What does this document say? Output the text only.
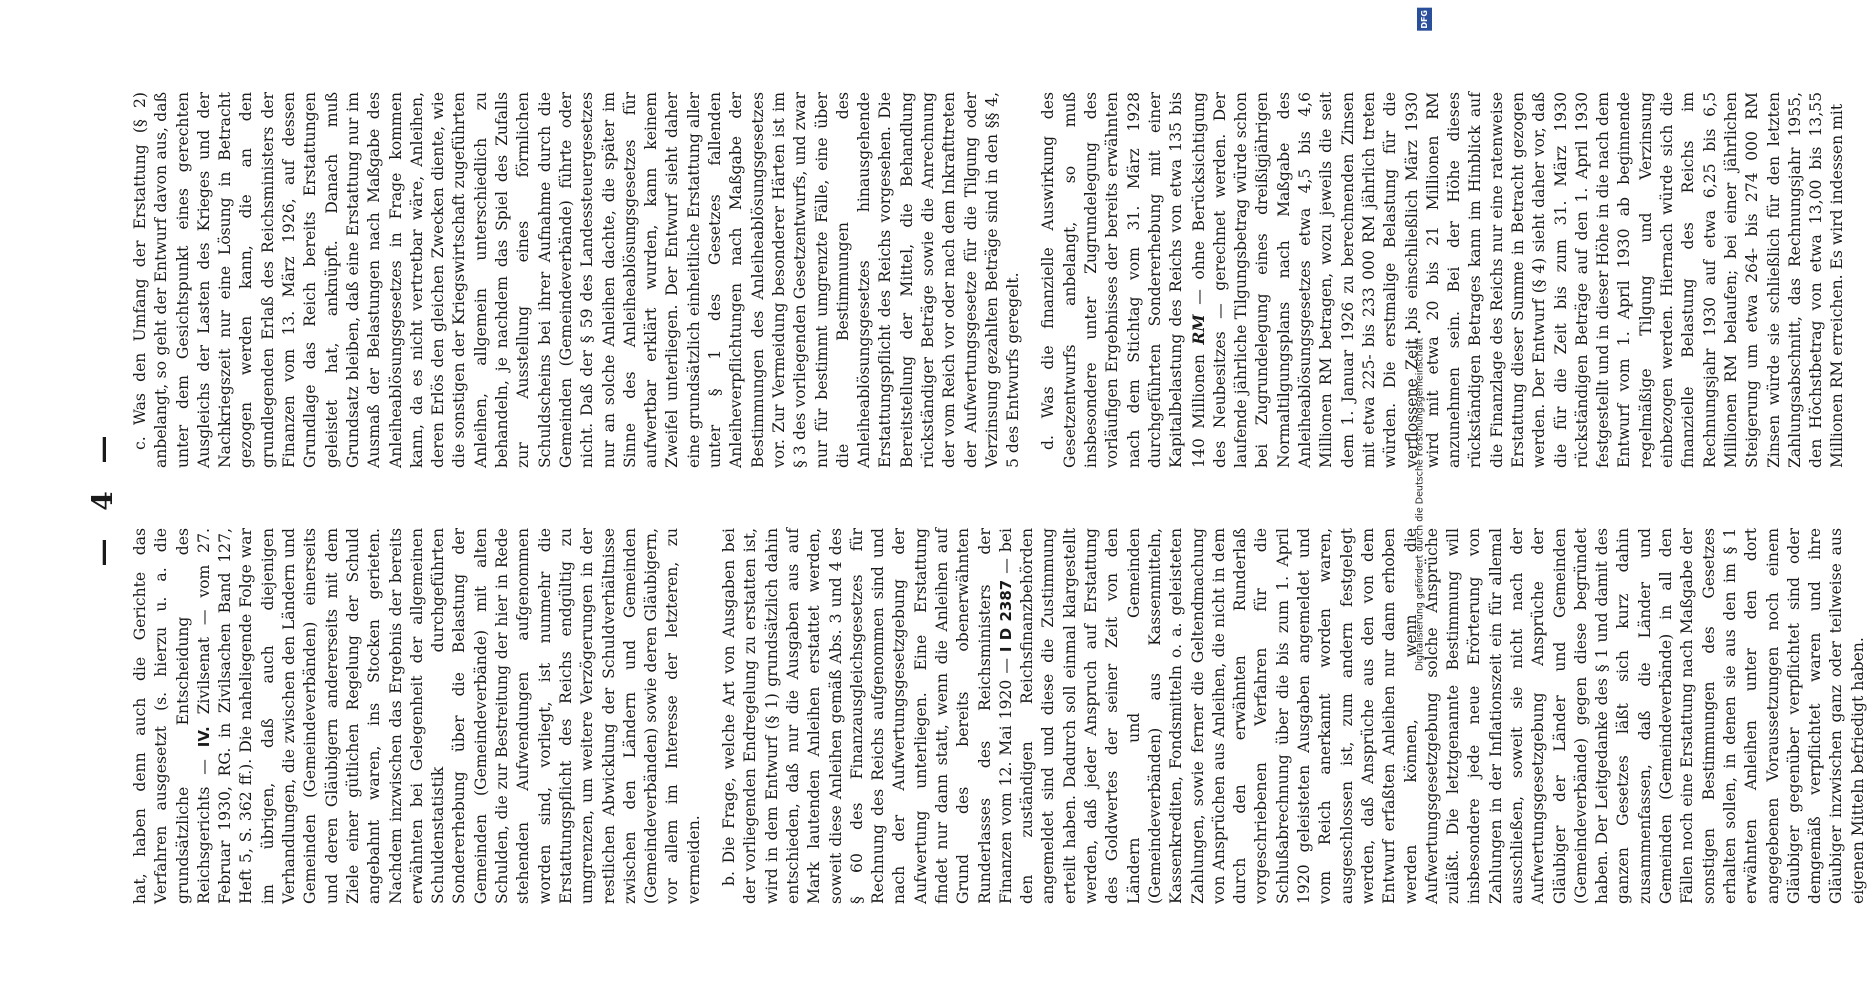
— 4 —

hat, haben denn auch die Gerichte das Verfahren ausgesetzt (s. hierzu u. a. die grundsätzliche Entscheidung des Reichsgerichts — IV. Zivilsenat — vom 27. Februar 1930, RG. in Zivilsachen Band 127, Heft 5, S. 362 ff.). Die naheliegende Folge war im übrigen, daß auch diejenigen Verhandlungen, die zwischen den Ländern und Gemeinden (Gemeindeverbänden) einerseits und deren Gläubigern andererseits mit dem Ziele einer gütlichen Regelung der Schuld angebahnt waren, ins Stocken gerieten. Nachdem inzwischen das Ergebnis der bereits erwähnten bei Gelegenheit der allgemeinen Schuldenstatistik durchgeführten Sondererhebung über die Belastung der Gemeinden (Gemeindeverbände) mit alten Schulden, die zur Bestreitung der hier in Rede stehenden Aufwendungen aufgenommen worden sind, vorliegt, ist nunmehr die Erstattungspflicht des Reichs endgültig zu umgrenzen, um weitere Verzögerungen in der restlichen Abwicklung der Schuldverhältnisse zwischen den Ländern und Gemeinden (Gemeindeverbänden) sowie deren Gläubigern, vor allem im Interesse der letzteren, zu vermeiden. b. Die Frage, welche Art von Ausgaben bei der vorliegenden Endregelung zu erstatten ist, wird in dem Entwurf (§ 1) grundsätzlich dahin entschieden, daß nur die Ausgaben aus auf Mark lautenden Anleihen erstattet werden, soweit diese Anleihen gemäß Abs. 3 und 4 des § 60 des Finanzausgleichsgesetzes für Rechnung des Reichs aufgenommen sind und nach der Aufwertungsgesetzgebung der Aufwertung unterliegen. Eine Erstattung findet nur dann statt, wenn die Anleihen auf Grund des bereits obenerwähnten Runderlasses des Reichsministers der Finanzen vom 12. Mai 1920 — I D 2387 — bei den zuständigen Reichsfinanzbehörden angemeldet sind und diese die Zustimmung erteilt haben. Dadurch soll einmal klargestellt werden, daß jeder Anspruch auf Erstattung des Goldwertes der seiner Zeit von den Ländern und Gemeinden (Gemeindeverbänden) aus Kassenmitteln, Kassenkrediten, Fondsmitteln o. a. geleisteten Zahlungen, sowie ferner die Geltendmachung von Ansprüchen aus Anleihen, die nicht in dem durch den erwähnten Runderlaß vorgeschriebenen Verfahren für die Schlußabrechnung über die bis zum 1. April 1920 geleisteten Ausgaben angemeldet und vom Reich anerkannt worden waren, ausgeschlossen ist, zum andern festgelegt werden, daß Ansprüche aus den von dem Entwurf erfaßten Anleihen nur dann erhoben werden können, wenn die Aufwertungsgesetzgebung solche Ansprüche zuläßt. Die letztgenannte Bestimmung will insbesondere jede neue Erörterung von Zahlungen in der Inflationszeit ein für allemal ausschließen, soweit sie nicht nach der Aufwertungsgesetzgebung Ansprüche der Gläubiger der Länder und Gemeinden (Gemeindeverbände) gegen diese begründet haben. Der Leitgedanke des § 1 und damit des ganzen Gesetzes läßt sich kurz dahin zusammenfassen, daß die Länder und Gemeinden (Gemeindeverbände) in all den Fällen noch eine Erstattung nach Maßgabe der sonstigen Bestimmungen des Gesetzes erhalten sollen, in denen sie aus den im § 1 erwähnten Anleihen unter den dort angegebenen Voraussetzungen noch einem Gläubiger gegenüber verpflichtet sind oder demgemäß verpflichtet waren und ihre Gläubiger inzwischen ganz oder teilweise aus eigenen Mitteln befriedigt haben.

c. Was den Umfang der Erstattung (§ 2) anbelangt, so geht der Entwurf davon aus, daß unter dem Gesichtspunkt eines gerechten Ausgleichs der Lasten des Krieges und der Nachkriegszeit nur eine Lösung in Betracht gezogen werden kann, die an den grundlegenden Erlaß des Reichsministers der Finanzen vom 13. März 1926, auf dessen Grundlage das Reich bereits Erstattungen geleistet hat, anknüpft. Danach muß Grundsatz bleiben, daß eine Erstattung nur im Ausmaß der Belastungen nach Maßgabe des Anleiheablösungsgesetzes in Frage kommen kann, da es nicht vertretbar wäre, Anleihen, deren Erlös den gleichen Zwecken diente, wie die sonstigen der Kriegswirtschaft zugeführten Anleihen, allgemein unterschiedlich zu behandeln, je nachdem das Spiel des Zufalls zur Ausstellung eines förmlichen Schuldscheins bei ihrer Aufnahme durch die Gemeinden (Gemeindeverbände) führte oder nicht. Daß der § 59 des Landessteuergesetzes nur an solche Anleihen dachte, die später im Sinne des Anleiheablösungsgesetzes für aufwertbar erklärt wurden, kann keinem Zweifel unterliegen. Der Entwurf sieht daher eine grundsätzlich einheitliche Erstattung aller unter § 1 des Gesetzes fallenden Anleiheverpflichtungen nach Maßgabe der Bestimmungen des Anleiheablösungsgesetzes vor. Zur Vermeidung besonderer Härten ist im § 3 des vorliegenden Gesetzentwurfs, und zwar nur für bestimmt umgrenzte Fälle, eine über die Bestimmungen des Anleiheablösungsgesetzes hinausgehende Erstattungspflicht des Reichs vorgesehen. Die Bereitstellung der Mittel, die Behandlung rückständiger Beträge sowie die Anrechnung der vom Reich vor oder nach dem Inkrafttreten der Aufwertungsgesetze für die Tilgung oder Verzinsung gezahlten Beträge sind in den §§ 4, 5 des Entwurfs geregelt. d. Was die finanzielle Auswirkung des Gesetzentwurfs anbelangt, so muß insbesondere unter Zugrundelegung des vorläufigen Ergebnisses der bereits erwähnten nach dem Stichtag vom 31. März 1928 durchgeführten Sondererhebung mit einer Kapitalbelastung des Reichs von etwa 135 bis 140 Millionen RM — ohne Berücksichtigung des Neubesitzes — gerechnet werden. Der laufende jährliche Tilgungsbetrag würde schon bei Zugrundelegung eines dreißigjährigen Normaltilgungsplans nach Maßgabe des Anleiheablösungsgesetzes etwa 4,5 bis 4,6 Millionen RM betragen, wozu jeweils die seit dem 1. Januar 1926 zu berechnenden Zinsen mit etwa 225- bis 233 000 RM jährlich treten würden. Die erstmalige Belastung für die verflossene Zeit bis einschließlich März 1930 wird mit etwa 20 bis 21 Millionen RM anzunehmen sein. Bei der Höhe dieses rückständigen Betrages kann im Hinblick auf die Finanzlage des Reichs nur eine ratenweise Erstattung dieser Summe in Betracht gezogen werden. Der Entwurf (§ 4) sieht daher vor, daß die für die Zeit bis zum 31. März 1930 rückständigen Beträge auf den 1. April 1930 festgestellt und in dieser Höhe in die nach dem Entwurf vom 1. April 1930 ab beginnende regelmäßige Tilgung und Verzinsung einbezogen werden. Hiernach würde sich die finanzielle Belastung des Reichs im Rechnungsjahr 1930 auf etwa 6,25 bis 6,5 Millionen RM belaufen; bei einer jährlichen Steigerung um etwa 264- bis 274 000 RM Zinsen würde sie schließlich für den letzten Zahlungsabschnitt, das Rechnungsjahr 1955, den Höchstbetrag von etwa 13,00 bis 13,55 Millionen RM erreichen. Es wird indessen mit

Digitalisierung gefördert durch die Deutsche Forschungsgemeinschaft •
DFG
